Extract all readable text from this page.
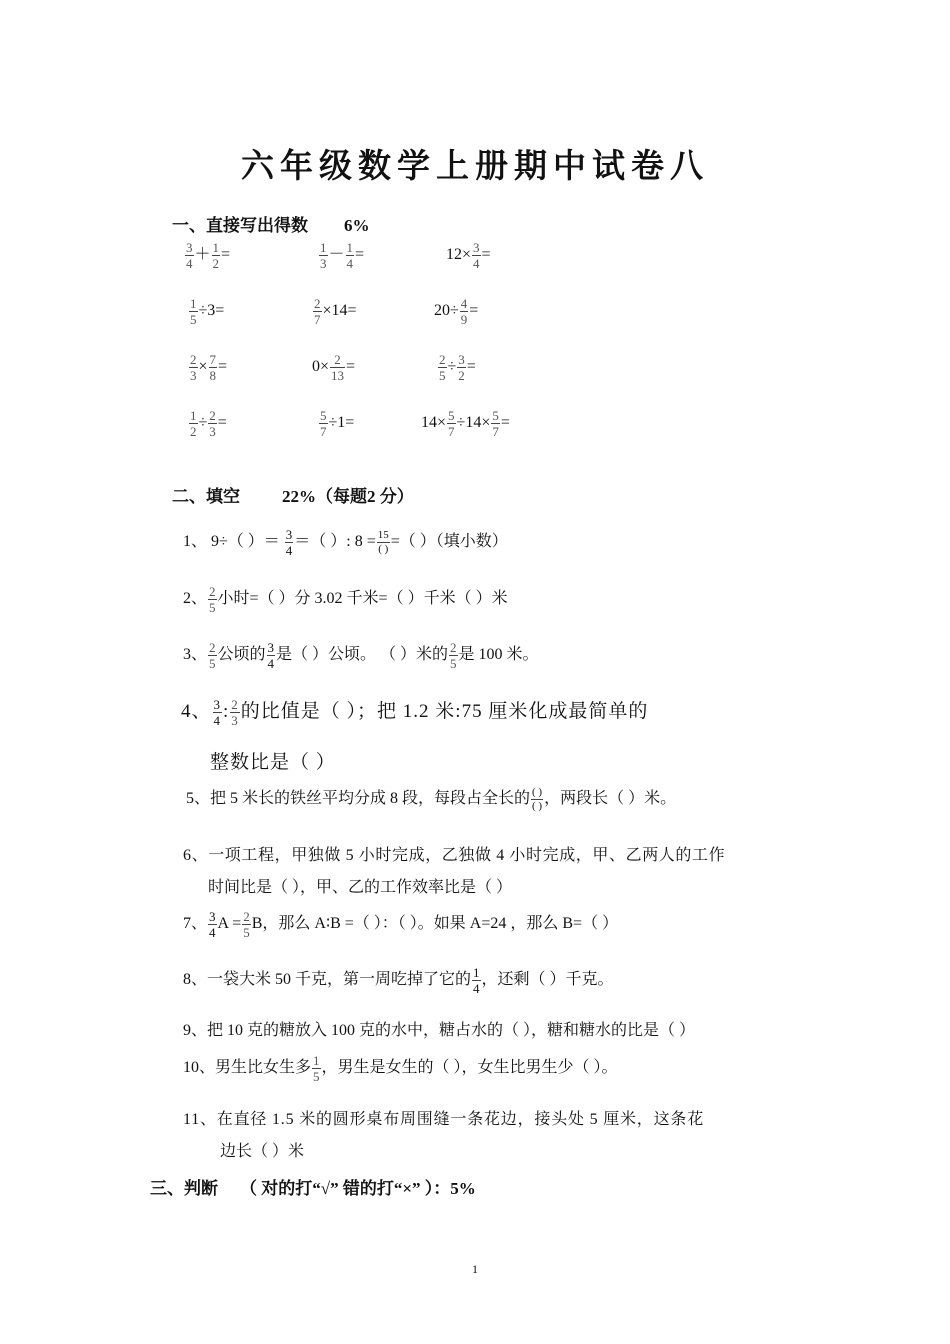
六年级数学上册期中试卷八
一、直接写出得数 6%
$\frac{3}{4} + \frac{1}{2}$ =	$\frac{1}{3} - \frac{1}{4}$ =	$12\times \frac{3}{4}$ =
$\frac{1}{5} \div 3=$	$\frac{2}{7} \times 14=$	$20\div \frac{4}{9}$ =
$\frac{2}{3} \times \frac{7}{8}$ =	$0\times \frac{2}{13}$ =	$\frac{2}{5} \div \frac{3}{2}$ =
$\frac{1}{2} \div \frac{2}{3}$ =	$\frac{5}{7} \div 1=$	$14\times \frac{5}{7} \div 14\times \frac{5}{7}$ =
二、填空 22%（每题2 分）
1、 9÷（ ）＝ $\frac{3}{4}$ ＝（ ）: $8 = \frac{15}{( )}$ =（ ）（填小数）
2、 $\frac{2}{5}$ 小时=（ ）分 3.02 千米=（ ）千米（ ）米
3、 $\frac{2}{5}$ 公顷的 $\frac{3}{4}$ 是（ ）公顷。 （ ）米的 $\frac{2}{5}$ 是 100 米。
4、 $\frac{3}{4}$ : $\frac{2}{3}$ 的比值是（ ）；把 1.2 米:75 厘米化成最简单的
整数比是（ ）
5、把 5 米长的铁丝平均分成 8 段，每段占全长的 $\frac{( )}{( )}$ ，两段长（ ）米。
6、一项工程，甲独做 5 小时完成，乙独做 4 小时完成，甲、乙两人的工作
时间比是（ ），甲、乙的工作效率比是（ ）
7、 $\frac{3}{4}$ $A = \frac{2}{5}$ B，那么 A∶B =（ ）：（ ）。如果 A=24 ，那么 B=（ ）
8、一袋大米 50 千克，第一周吃掉了它的 $\frac{1}{4}$ ，还剩（ ）千克。
9、把 10 克的糖放入 100 克的水中，糖占水的（ ），糖和糖水的比是（ ）
10、男生比女生多 $\frac{1}{5}$ ，男生是女生的（ ），女生比男生少（ ）。
11、在直径 1.5 米的圆形桌布周围缝一条花边，接头处 5 厘米，这条花
边长（ ）米
三、判断 （ 对的打“√” 错的打“×” ）：5%
1
